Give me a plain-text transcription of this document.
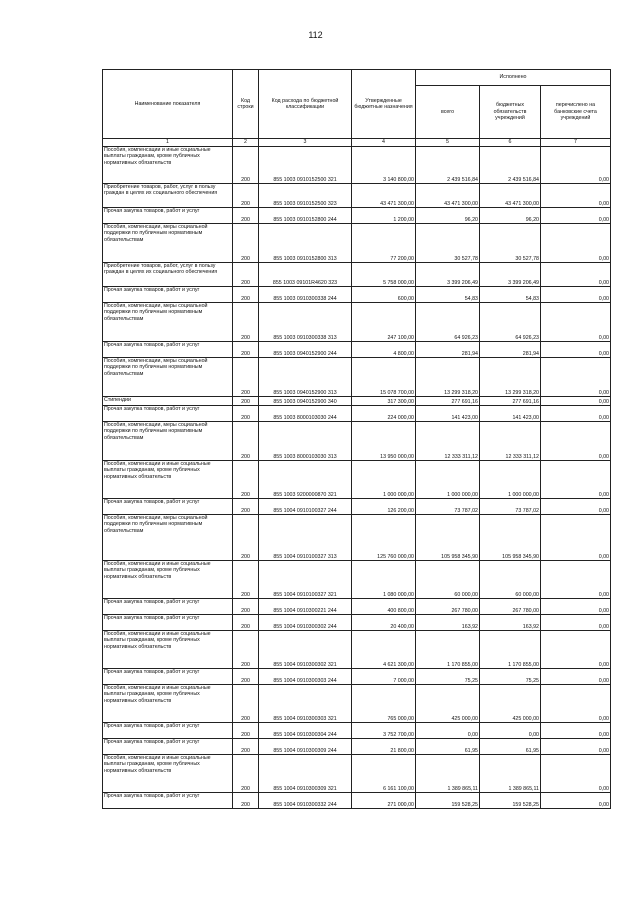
112
Наименование показателя	Код строки	Код расхода по бюджетной классификации	Утвержденные бюджетные назначения	Исполнено		
				всего	бюджетных обязательств учреждений	перечислено на банковские счета учреждений
1	2	3	4	5	6	7
Пособия, компенсации и иные социальные выплаты гражданам, кроме публичных нормативных обязательств	200	855 1003 0910152500 321	3 140 800,00	2 439 516,84	2 439 516,84	0,00
Приобретение товаров, работ, услуг в пользу граждан в целях их социального обеспечения	200	855 1003 0910152500 323	43 471 300,00	43 471 300,00	43 471 300,00	0,00
Прочая закупка товаров, работ и услуг	200	855 1003 0910152800 244	1 200,00	96,20	96,20	0,00
Пособия, компенсации, меры социальной поддержки по публичным нормативным обязательствам	200	855 1003 0910152800 313	77 200,00	30 527,78	30 527,78	0,00
Приобретение товаров, работ, услуг в пользу граждан в целях их социального обеспечения	200	855 1003 09101R4620 323	5 758 000,00	3 399 206,49	3 399 206,49	0,00
Прочая закупка товаров, работ и услуг	200	855 1003 0910300338 244	600,00	54,83	54,83	0,00
Пособия, компенсации, меры социальной поддержки по публичным нормативным обязательствам	200	855 1003 0910300338 313	247 100,00	64 926,23	64 926,23	0,00
Прочая закупка товаров, работ и услуг	200	855 1003 0940152900 244	4 800,00	281,94	281,94	0,00
Пособия, компенсации, меры социальной поддержки по публичным нормативным обязательствам	200	855 1003 0940152900 313	15 078 700,00	13 299 318,20	13 299 318,20	0,00
Стипендии	200	855 1003 0940152900 340	317 300,00	277 691,16	277 691,16	0,00
Прочая закупка товаров, работ и услуг	200	855 1003 8000103030 244	224 000,00	141 423,00	141 423,00	0,00
Пособия, компенсации, меры социальной поддержки по публичным нормативным обязательствам	200	855 1003 8000103030 313	13 950 000,00	12 333 311,12	12 333 311,12	0,00
Пособия, компенсации и иные социальные выплаты гражданам, кроме публичных нормативных обязательств	200	855 1003 9200000870 321	1 000 000,00	1 000 000,00	1 000 000,00	0,00
Прочая закупка товаров, работ и услуг	200	855 1004 0910100327 244	126 200,00	73 787,02	73 787,02	0,00
Пособия, компенсации, меры социальной поддержки по публичным нормативным обязательствам	200	855 1004 0910100327 313	125 760 000,00	105 958 345,90	105 958 345,90	0,00
Пособия, компенсации и иные социальные выплаты гражданам, кроме публичных нормативных обязательств	200	855 1004 0910100327 321	1 080 000,00	60 000,00	60 000,00	0,00
Прочая закупка товаров, работ и услуг	200	855 1004 0910300221 244	400 800,00	267 780,00	267 780,00	0,00
Прочая закупка товаров, работ и услуг	200	855 1004 0910300302 244	20 400,00	163,92	163,92	0,00
Пособия, компенсации и иные социальные выплаты гражданам, кроме публичных нормативных обязательств	200	855 1004 0910300302 321	4 621 300,00	1 170 855,00	1 170 855,00	0,00
Прочая закупка товаров, работ и услуг	200	855 1004 0910300303 244	7 000,00	75,25	75,25	0,00
Пособия, компенсации и иные социальные выплаты гражданам, кроме публичных нормативных обязательств	200	855 1004 0910300303 321	765 000,00	425 000,00	425 000,00	0,00
Прочая закупка товаров, работ и услуг	200	855 1004 0910300304 244	3 752 700,00	0,00	0,00	0,00
Прочая закупка товаров, работ и услуг	200	855 1004 0910300309 244	21 800,00	61,95	61,95	0,00
Пособия, компенсации и иные социальные выплаты гражданам, кроме публичных нормативных обязательств	200	855 1004 0910300309 321	6 161 100,00	1 389 865,11	1 389 865,11	0,00
Прочая закупка товаров, работ и услуг	200	855 1004 0910300332 244	271 000,00	159 528,25	159 528,25	0,00
